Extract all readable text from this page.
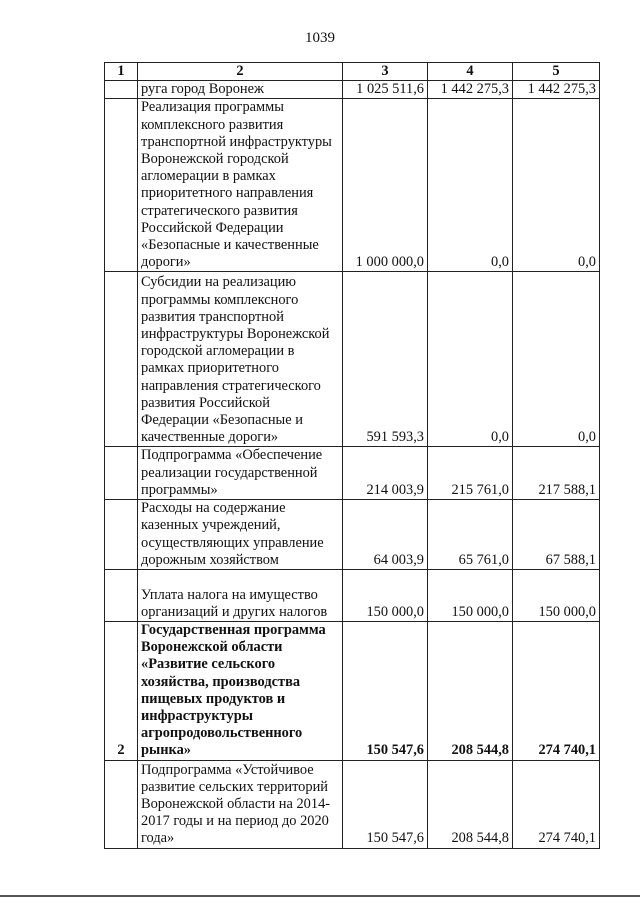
1039
1	2	3	4	5
	руга город Воронеж	1 025 511,6	1 442 275,3	1 442 275,3
	Реализация программы комплексного развития транспортной инфраструктуры Воронежской городской агломерации в рамках приоритетного направления стратегического развития Российской Федерации «Безопасные и качественные дороги»	1 000 000,0	0,0	0,0
	Субсидии на реализацию программы комплексного развития транспортной инфраструктуры Воронежской городской агломерации в рамках приоритетного направления стратегического развития Российской Федерации «Безопасные и качественные дороги»	591 593,3	0,0	0,0
	Подпрограмма «Обеспечение реализации государственной программы»	214 003,9	215 761,0	217 588,1
	Расходы на содержание казенных учреждений, осуществляющих управление дорожным хозяйством	64 003,9	65 761,0	67 588,1
	Уплата налога на имущество организаций и других налогов	150 000,0	150 000,0	150 000,0
2	Государственная программа Воронежской области «Развитие сельского хозяйства, производства пищевых продуктов и инфраструктуры агропродовольственного рынка»	150 547,6	208 544,8	274 740,1
	Подпрограмма «Устойчивое развитие сельских территорий Воронежской области на 2014-2017 годы и на период до 2020 года»	150 547,6	208 544,8	274 740,1
